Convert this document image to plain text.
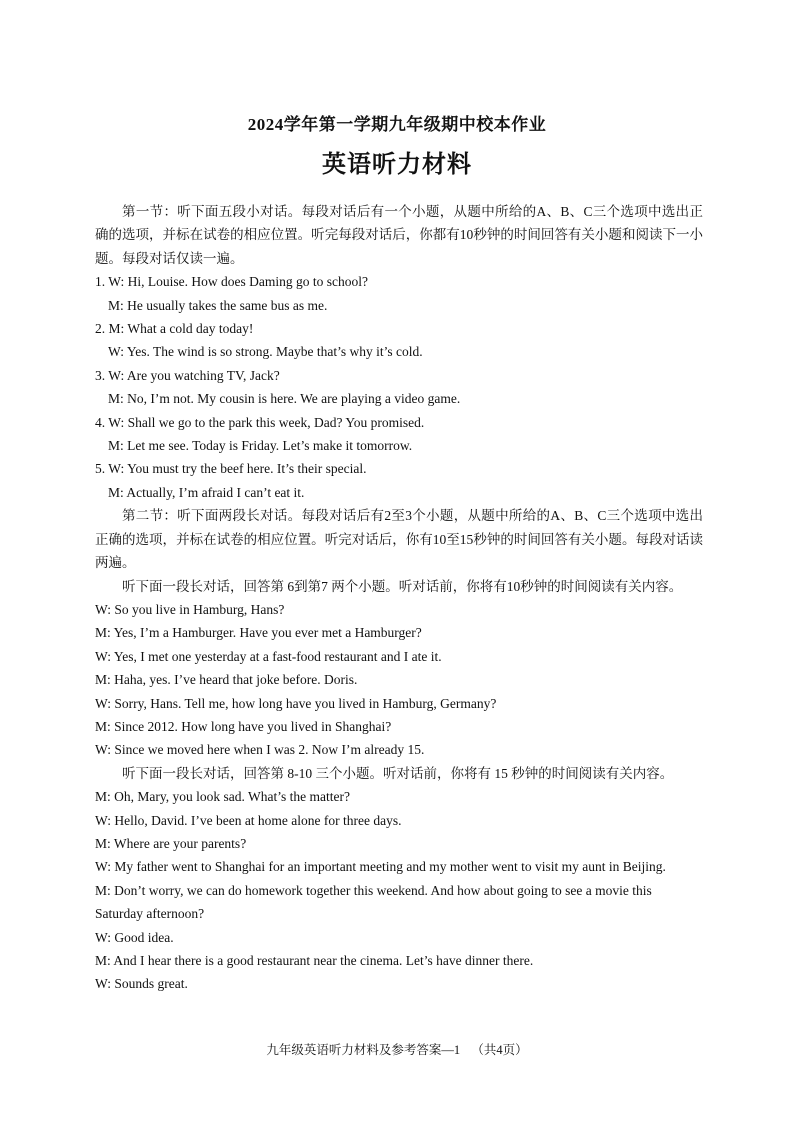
2024学年第一学期九年级期中校本作业
英语听力材料

第一节：听下面五段小对话。每段对话后有一个小题，从题中所给的A、B、C三个选项中选出正确的选项，并标在试卷的相应位置。听完每段对话后，你都有10秒钟的时间回答有关小题和阅读下一小题。每段对话仅读一遍。

1. W: Hi, Louise. How does Daming go to school?

M: He usually takes the same bus as me.

2. M: What a cold day today!

W: Yes. The wind is so strong. Maybe that’s why it’s cold.

3. W: Are you watching TV, Jack?

M: No, I’m not. My cousin is here. We are playing a video game.

4. W: Shall we go to the park this week, Dad? You promised.

M: Let me see. Today is Friday. Let’s make it tomorrow.

5. W: You must try the beef here. It’s their special.

M: Actually, I’m afraid I can’t eat it.

第二节：听下面两段长对话。每段对话后有2至3个小题，从题中所给的A、B、C三个选项中选出正确的选项，并标在试卷的相应位置。听完对话后，你有10至15秒钟的时间回答有关小题。每段对话读两遍。

听下面一段长对话，回答第 6到第7 两个小题。听对话前，你将有10秒钟的时间阅读有关内容。

W: So you live in Hamburg, Hans?

M: Yes, I’m a Hamburger. Have you ever met a Hamburger?

W: Yes, I met one yesterday at a fast-food restaurant and I ate it.

M: Haha, yes. I’ve heard that joke before. Doris.

W: Sorry, Hans. Tell me, how long have you lived in Hamburg, Germany?

M: Since 2012. How long have you lived in Shanghai?

W: Since we moved here when I was 2. Now I’m already 15.

听下面一段长对话，回答第 8-10 三个小题。听对话前，你将有 15 秒钟的时间阅读有关内容。

M: Oh, Mary, you look sad. What’s the matter?

W: Hello, David. I’ve been at home alone for three days.

M: Where are your parents?

W: My father went to Shanghai for an important meeting and my mother went to visit my aunt in Beijing.

M: Don’t worry, we can do homework together this weekend. And how about going to see a movie this Saturday afternoon?

W: Good idea.

M: And I hear there is a good restaurant near the cinema. Let’s have dinner there.

W: Sounds great.

九年级英语听力材料及参考答案—1 （共4页）
